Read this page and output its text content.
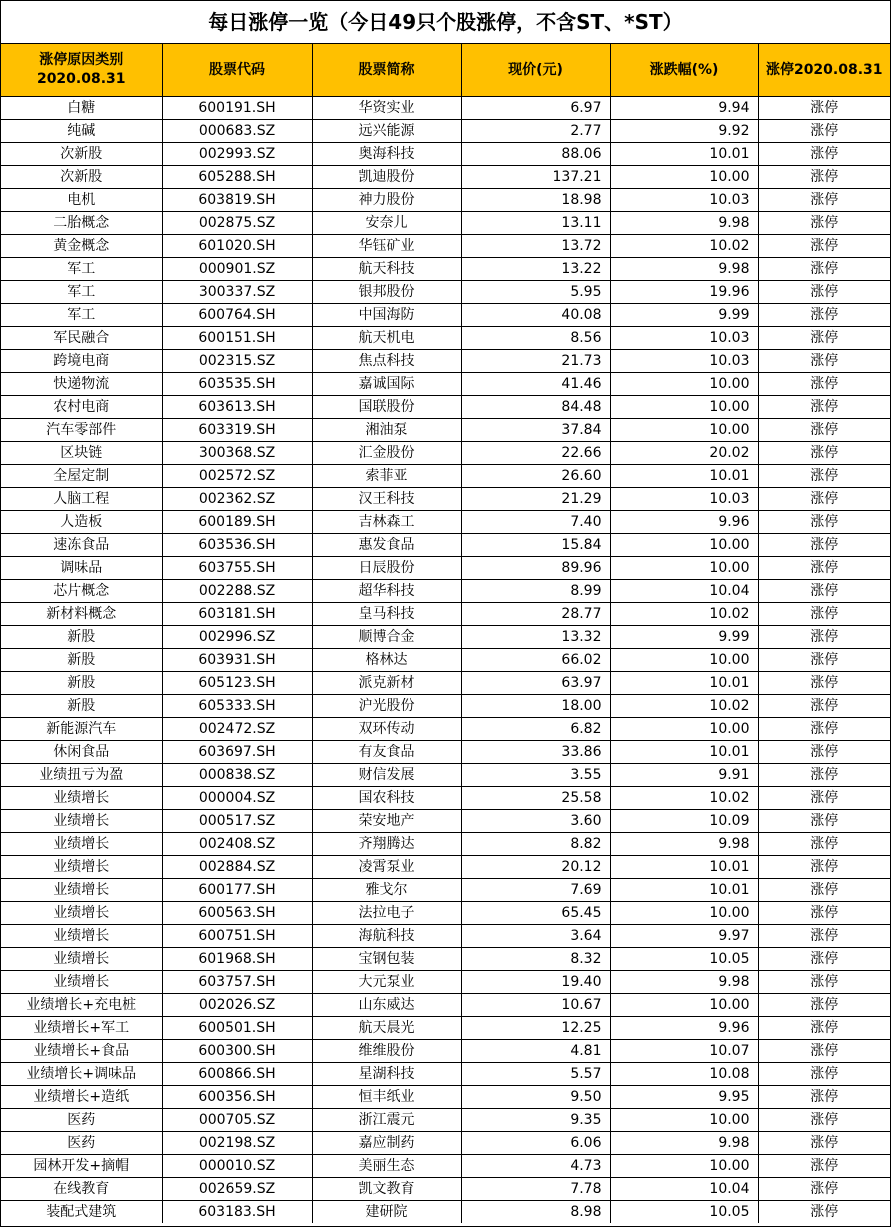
每日涨停一览（今日49只个股涨停，不含ST、*ST）
涨停原因类别
2020.08.31	股票代码	股票简称	现价(元)	涨跌幅(%)	涨停2020.08.31
白糖	600191.SH	华资实业	6.97	9.94	涨停
纯碱	000683.SZ	远兴能源	2.77	9.92	涨停
次新股	002993.SZ	奥海科技	88.06	10.01	涨停
次新股	605288.SH	凯迪股份	137.21	10.00	涨停
电机	603819.SH	神力股份	18.98	10.03	涨停
二胎概念	002875.SZ	安奈儿	13.11	9.98	涨停
黄金概念	601020.SH	华钰矿业	13.72	10.02	涨停
军工	000901.SZ	航天科技	13.22	9.98	涨停
军工	300337.SZ	银邦股份	5.95	19.96	涨停
军工	600764.SH	中国海防	40.08	9.99	涨停
军民融合	600151.SH	航天机电	8.56	10.03	涨停
跨境电商	002315.SZ	焦点科技	21.73	10.03	涨停
快递物流	603535.SH	嘉诚国际	41.46	10.00	涨停
农村电商	603613.SH	国联股份	84.48	10.00	涨停
汽车零部件	603319.SH	湘油泵	37.84	10.00	涨停
区块链	300368.SZ	汇金股份	22.66	20.02	涨停
全屋定制	002572.SZ	索菲亚	26.60	10.01	涨停
人脑工程	002362.SZ	汉王科技	21.29	10.03	涨停
人造板	600189.SH	吉林森工	7.40	9.96	涨停
速冻食品	603536.SH	惠发食品	15.84	10.00	涨停
调味品	603755.SH	日辰股份	89.96	10.00	涨停
芯片概念	002288.SZ	超华科技	8.99	10.04	涨停
新材料概念	603181.SH	皇马科技	28.77	10.02	涨停
新股	002996.SZ	顺博合金	13.32	9.99	涨停
新股	603931.SH	格林达	66.02	10.00	涨停
新股	605123.SH	派克新材	63.97	10.01	涨停
新股	605333.SH	沪光股份	18.00	10.02	涨停
新能源汽车	002472.SZ	双环传动	6.82	10.00	涨停
休闲食品	603697.SH	有友食品	33.86	10.01	涨停
业绩扭亏为盈	000838.SZ	财信发展	3.55	9.91	涨停
业绩增长	000004.SZ	国农科技	25.58	10.02	涨停
业绩增长	000517.SZ	荣安地产	3.60	10.09	涨停
业绩增长	002408.SZ	齐翔腾达	8.82	9.98	涨停
业绩增长	002884.SZ	凌霄泵业	20.12	10.01	涨停
业绩增长	600177.SH	雅戈尔	7.69	10.01	涨停
业绩增长	600563.SH	法拉电子	65.45	10.00	涨停
业绩增长	600751.SH	海航科技	3.64	9.97	涨停
业绩增长	601968.SH	宝钢包装	8.32	10.05	涨停
业绩增长	603757.SH	大元泵业	19.40	9.98	涨停
业绩增长+充电桩	002026.SZ	山东威达	10.67	10.00	涨停
业绩增长+军工	600501.SH	航天晨光	12.25	9.96	涨停
业绩增长+食品	600300.SH	维维股份	4.81	10.07	涨停
业绩增长+调味品	600866.SH	星湖科技	5.57	10.08	涨停
业绩增长+造纸	600356.SH	恒丰纸业	9.50	9.95	涨停
医药	000705.SZ	浙江震元	9.35	10.00	涨停
医药	002198.SZ	嘉应制药	6.06	9.98	涨停
园林开发+摘帽	000010.SZ	美丽生态	4.73	10.00	涨停
在线教育	002659.SZ	凯文教育	7.78	10.04	涨停
装配式建筑	603183.SH	建研院	8.98	10.05	涨停
